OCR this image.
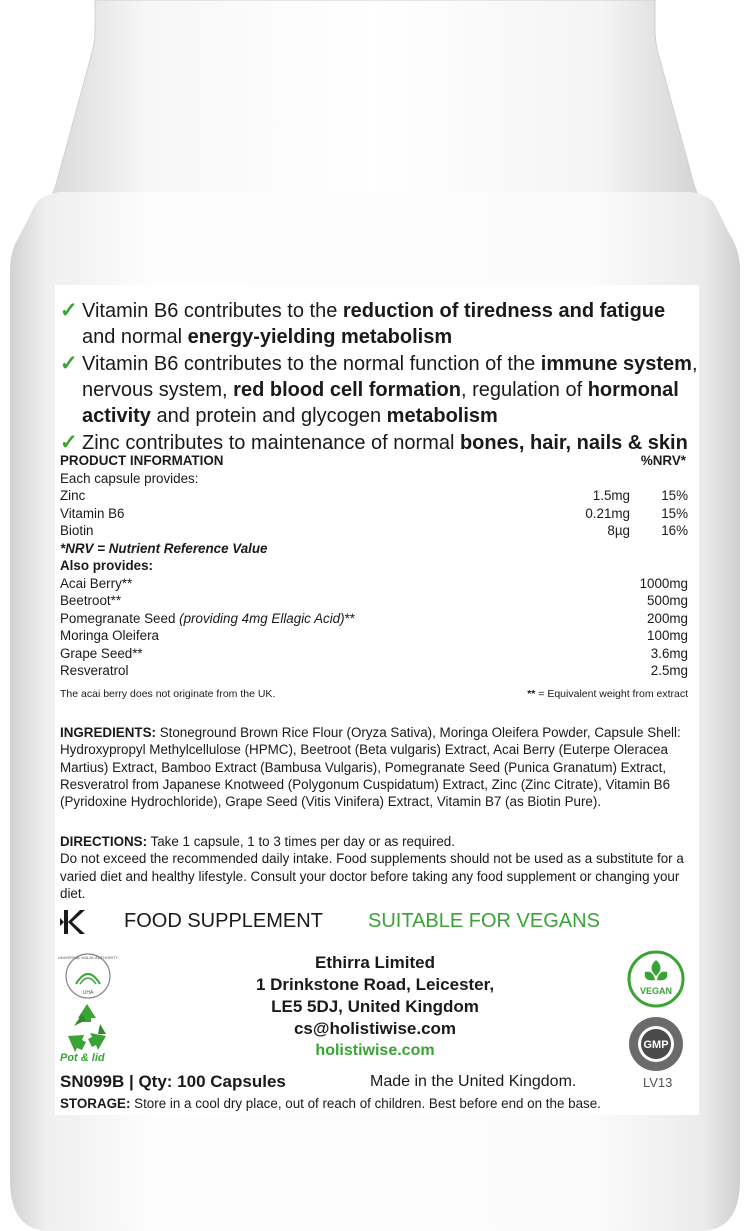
✓ Vitamin B6 contributes to the reduction of tiredness and fatigue and normal energy-yielding metabolism
✓ Vitamin B6 contributes to the normal function of the immune system, nervous system, red blood cell formation, regulation of hormonal activity and protein and glycogen metabolism
✓ Zinc contributes to maintenance of normal bones, hair, nails & skin
PRODUCT INFORMATION	%NRV*
Each capsule provides:
Zinc	1.5mg	15%
Vitamin B6	0.21mg	15%
Biotin	8µg	16%
*NRV = Nutrient Reference Value
Also provides:
Acai Berry**	1000mg
Beetroot**	500mg
Pomegranate Seed (providing 4mg Ellagic Acid)**	200mg
Moringa Oleifera	100mg
Grape Seed**	3.6mg
Resveratrol	2.5mg
The acai berry does not originate from the UK.	** = Equivalent weight from extract
INGREDIENTS: Stoneground Brown Rice Flour (Oryza Sativa), Moringa Oleifera Powder, Capsule Shell: Hydroxypropyl Methylcellulose (HPMC), Beetroot (Beta vulgaris) Extract, Acai Berry (Euterpe Oleracea Martius) Extract, Bamboo Extract (Bambusa Vulgaris), Pomegranate Seed (Punica Granatum) Extract, Resveratrol from Japanese Knotweed (Polygonum Cuspidatum) Extract, Zinc (Zinc Citrate), Vitamin B6 (Pyridoxine Hydrochloride), Grape Seed (Vitis Vinifera) Extract, Vitamin B7 (as Biotin Pure).
DIRECTIONS: Take 1 capsule, 1 to 3 times per day or as required.
Do not exceed the recommended daily intake. Food supplements should not be used as a substitute for a varied diet and healthy lifestyle. Consult your doctor before taking any food supplement or changing your diet.
FOOD SUPPLEMENT SUITABLE FOR VEGANS
UHA
UNIVERSAL HALAL AUTHORITY
Pot & lid
Ethirra Limited
1 Drinkstone Road, Leicester,
LE5 5DJ, United Kingdom
cs@holistiwise.com
holistiwise.com
VEGAN
GMP
SN099B | Qty: 100 Capsules	Made in the United Kingdom.	LV13
STORAGE: Store in a cool dry place, out of reach of children. Best before end on the base.
